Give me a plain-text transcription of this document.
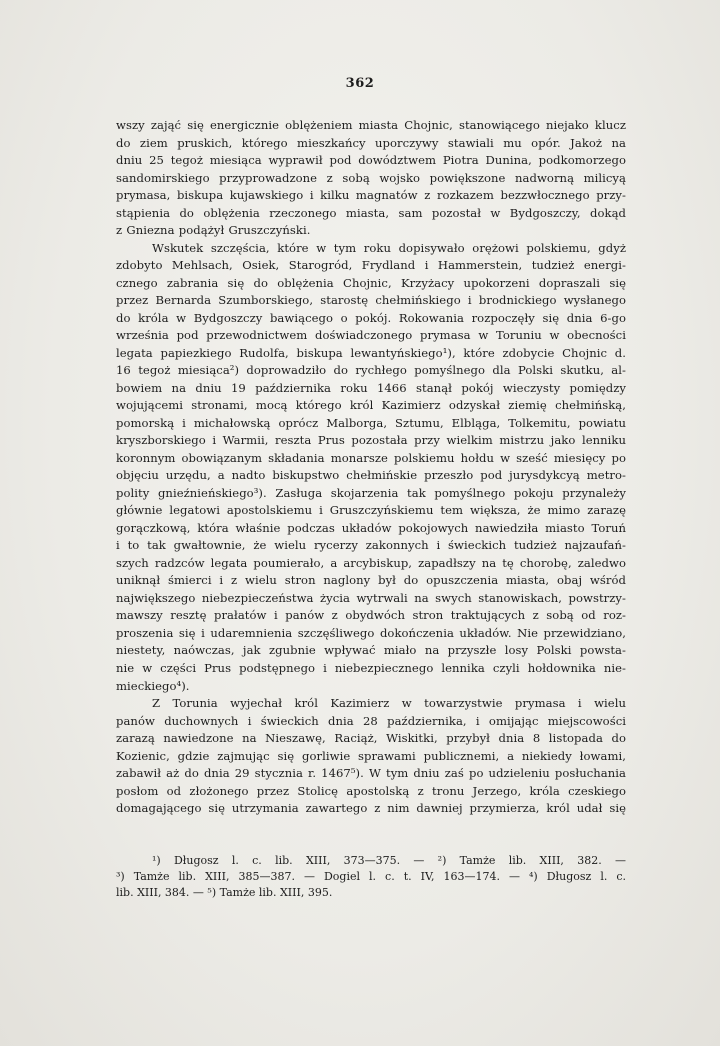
362
wszy zająć się energicznie oblężeniem miasta Chojnic, stanowiącego niejako klucz
do ziem pruskich, którego mieszkańcy uporczywy stawiali mu opór. Jakoż na
dniu 25 tegoż miesiąca wyprawił pod dowództwem Piotra Dunina, podkomorzego
sandomirskiego przyprowadzone z sobą wojsko powiększone nadworną milicyą
prymasa, biskupa kujawskiego i kilku magnatów z rozkazem bezzwłocznego przy-
stąpienia do oblężenia rzeczonego miasta, sam pozostał w Bydgoszczy, dokąd
z Gniezna podążył Gruszczyński.
Wskutek szczęścia, które w tym roku dopisywało orężowi polskiemu, gdyż
zdobyto Mehlsach, Osiek, Starogród, Frydland i Hammerstein, tudzież energi-
cznego zabrania się do oblężenia Chojnic, Krzyżacy upokorzeni dopraszali się
przez Bernarda Szumborskiego, starostę chełmińskiego i brodnickiego wysłanego
do króla w Bydgoszczy bawiącego o pokój. Rokowania rozpoczęły się dnia 6-go
września pod przewodnictwem doświadczonego prymasa w Toruniu w obecności
legata papiezkiego Rudolfa, biskupa lewantyńskiego¹), które zdobycie Chojnic d.
16 tegoż miesiąca²) doprowadziło do rychłego pomyślnego dla Polski skutku, al-
bowiem na dniu 19 października roku 1466 stanął pokój wieczysty pomiędzy
wojującemi stronami, mocą którego król Kazimierz odzyskał ziemię chełmińską,
pomorską i michałowską oprócz Malborga, Sztumu, Elbląga, Tolkemitu, powiatu
kryszborskiego i Warmii, reszta Prus pozostała przy wielkim mistrzu jako lenniku
koronnym obowiązanym składania monarsze polskiemu hołdu w sześć miesięcy po
objęciu urzędu, a nadto biskupstwo chełmińskie przeszło pod jurysdykcyą metro-
polity gnieźnieńskiego³). Zasługa skojarzenia tak pomyślnego pokoju przynależy
głównie legatowi apostolskiemu i Gruszczyńskiemu tem większa, że mimo zarazę
gorączkową, która właśnie podczas układów pokojowych nawiedziła miasto Toruń
i to tak gwałtownie, że wielu rycerzy zakonnych i świeckich tudzież najzaufań-
szych radzców legata poumierało, a arcybiskup, zapadłszy na tę chorobę, zaledwo
uniknął śmierci i z wielu stron naglony był do opuszczenia miasta, obaj wśród
największego niebezpieczeństwa życia wytrwali na swych stanowiskach, powstrzy-
mawszy resztę prałatów i panów z obydwóch stron traktujących z sobą od roz-
proszenia się i udaremnienia szczęśliwego dokończenia układów. Nie przewidziano,
niestety, naówczas, jak zgubnie wpływać miało na przyszłe losy Polski powsta-
nie w części Prus podstępnego i niebezpiecznego lennika czyli hołdownika nie-
mieckiego⁴).
Z Torunia wyjechał król Kazimierz w towarzystwie prymasa i wielu
panów duchownych i świeckich dnia 28 października, i omijając miejscowości
zarazą nawiedzone na Nieszawę, Raciąż, Wiskitki, przybył dnia 8 listopada do
Kozienic, gdzie zajmując się gorliwie sprawami publicznemi, a niekiedy łowami,
zabawił aż do dnia 29 stycznia r. 1467⁵). W tym dniu zaś po udzieleniu posłuchania
posłom od złożonego przez Stolicę apostolską z tronu Jerzego, króla czeskiego
domagającego się utrzymania zawartego z nim dawniej przymierza, król udał się
¹) Długosz l. c. lib. XIII, 373—375. — ²) Tamże lib. XIII, 382. —
³) Tamże lib. XIII, 385—387. — Dogiel l. c. t. IV, 163—174. — ⁴) Długosz l. c.
lib. XIII, 384. — ⁵) Tamże lib. XIII, 395.
